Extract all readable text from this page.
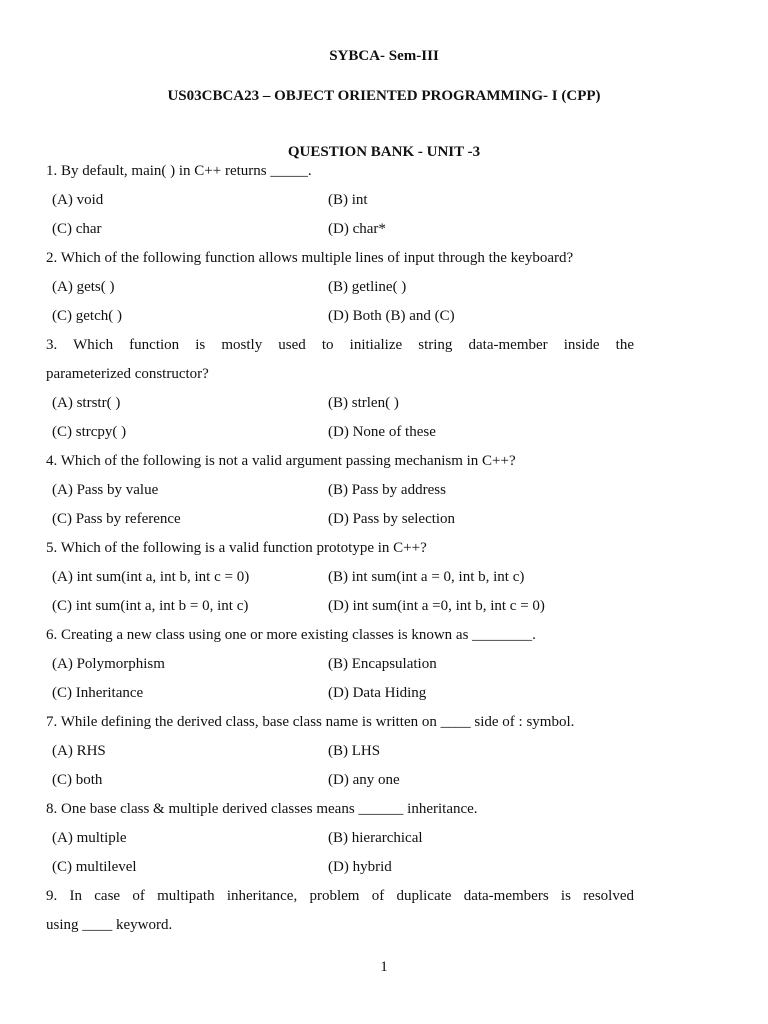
SYBCA- Sem-III
US03CBCA23 – OBJECT ORIENTED PROGRAMMING- I (CPP)
QUESTION BANK - UNIT -3
1. By default, main( ) in C++ returns _____.
(A) void	(B) int
(C) char	(D) char*
2. Which of the following function allows multiple lines of input through the keyboard?
(A) gets( )	(B) getline( )
(C) getch( )	(D) Both (B) and (C)
3. Which function is mostly used to initialize string data-member inside the
parameterized constructor?
(A) strstr( )	(B) strlen( )
(C) strcpy( )	(D) None of these
4. Which of the following is not a valid argument passing mechanism in C++?
(A) Pass by value	(B) Pass by address
(C) Pass by reference	(D) Pass by selection
5. Which of the following is a valid function prototype in C++?
(A) int sum(int a, int b, int c = 0)	(B) int sum(int a = 0, int b, int c)
(C) int sum(int a, int b = 0, int c)	(D) int sum(int a =0, int b, int c = 0)
6. Creating a new class using one or more existing classes is known as ________.
(A) Polymorphism	(B) Encapsulation
(C) Inheritance	(D) Data Hiding
7. While defining the derived class, base class name is written on ____ side of : symbol.
(A) RHS	(B) LHS
(C) both	(D) any one
8. One base class & multiple derived classes means ______ inheritance.
(A) multiple	(B) hierarchical
(C) multilevel	(D) hybrid
9. In case of multipath inheritance, problem of duplicate data-members is resolved
using ____ keyword.
1
